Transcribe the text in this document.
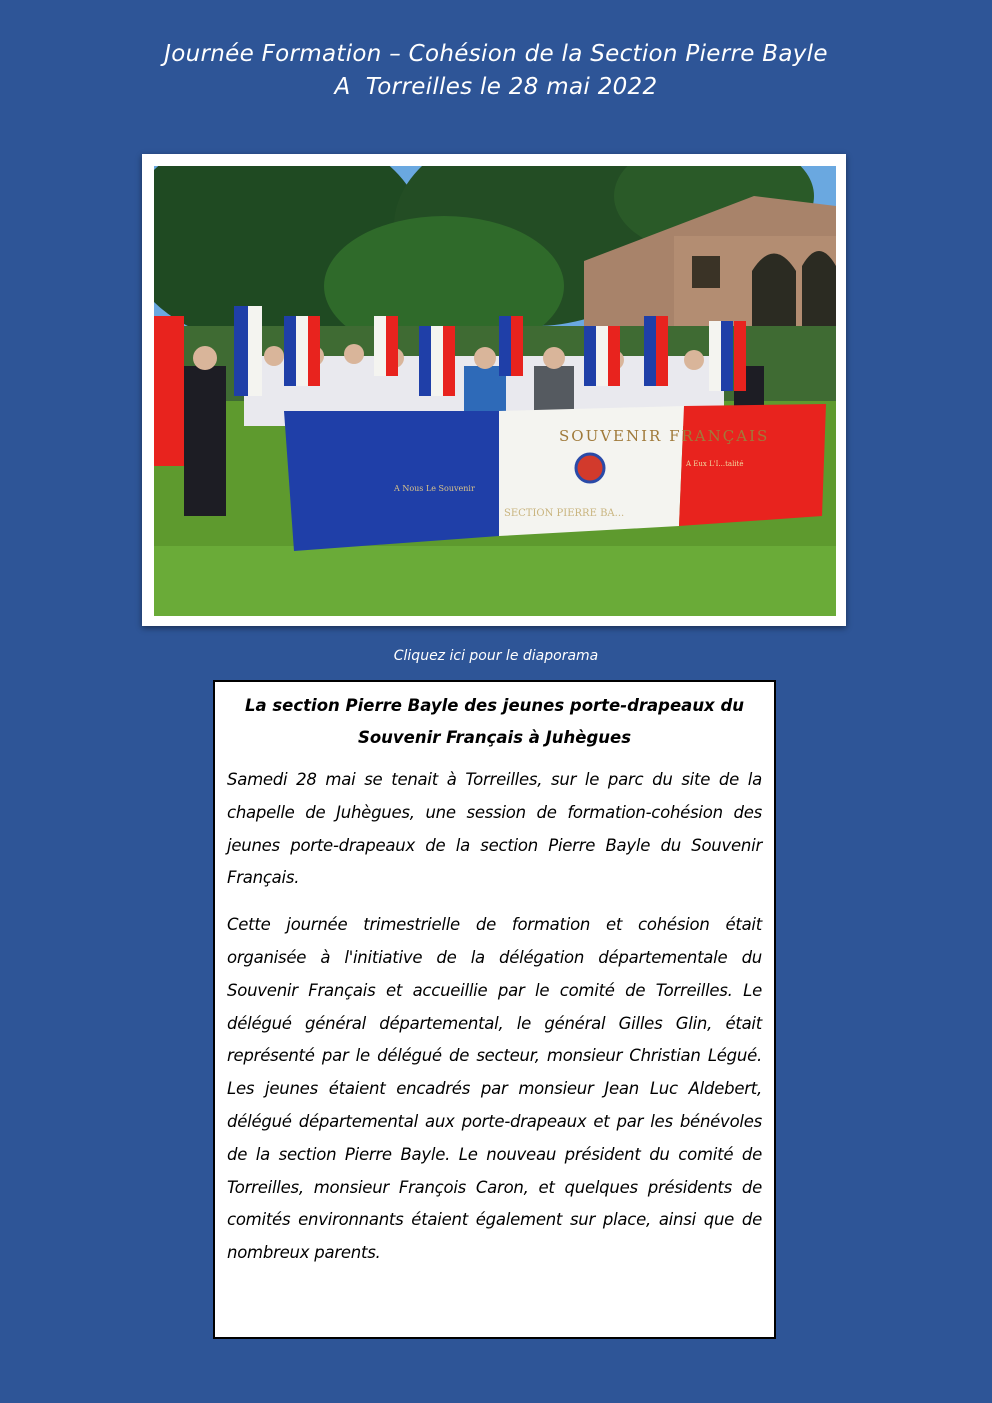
Journée Formation – Cohésion de la Section Pierre Bayle
A  Torreilles le 28 mai 2022
SOUVENIR FRANÇAIS
A Nous Le Souvenir
A Eux L'I...talité
SECTION PIERRE BA...
Cliquez ici pour le diaporama
La section Pierre Bayle des jeunes porte-drapeaux du Souvenir Français à Juhègues

Samedi 28 mai se tenait à Torreilles, sur le parc du site de la chapelle de Juhègues, une session de formation-cohésion des jeunes porte-drapeaux de la section Pierre Bayle du Souvenir Français.

Cette journée trimestrielle de formation et cohésion était organisée à l'initiative de la délégation départementale du Souvenir Français et accueillie par le comité de Torreilles. Le délégué général départemental, le général Gilles Glin, était représenté par le délégué de secteur, monsieur Christian Légué. Les jeunes étaient encadrés par monsieur Jean Luc Aldebert, délégué départemental aux porte-drapeaux et par les bénévoles de la section Pierre Bayle. Le nouveau président du comité de Torreilles, monsieur François Caron, et quelques présidents de comités environnants étaient également sur place, ainsi que de nombreux parents.
